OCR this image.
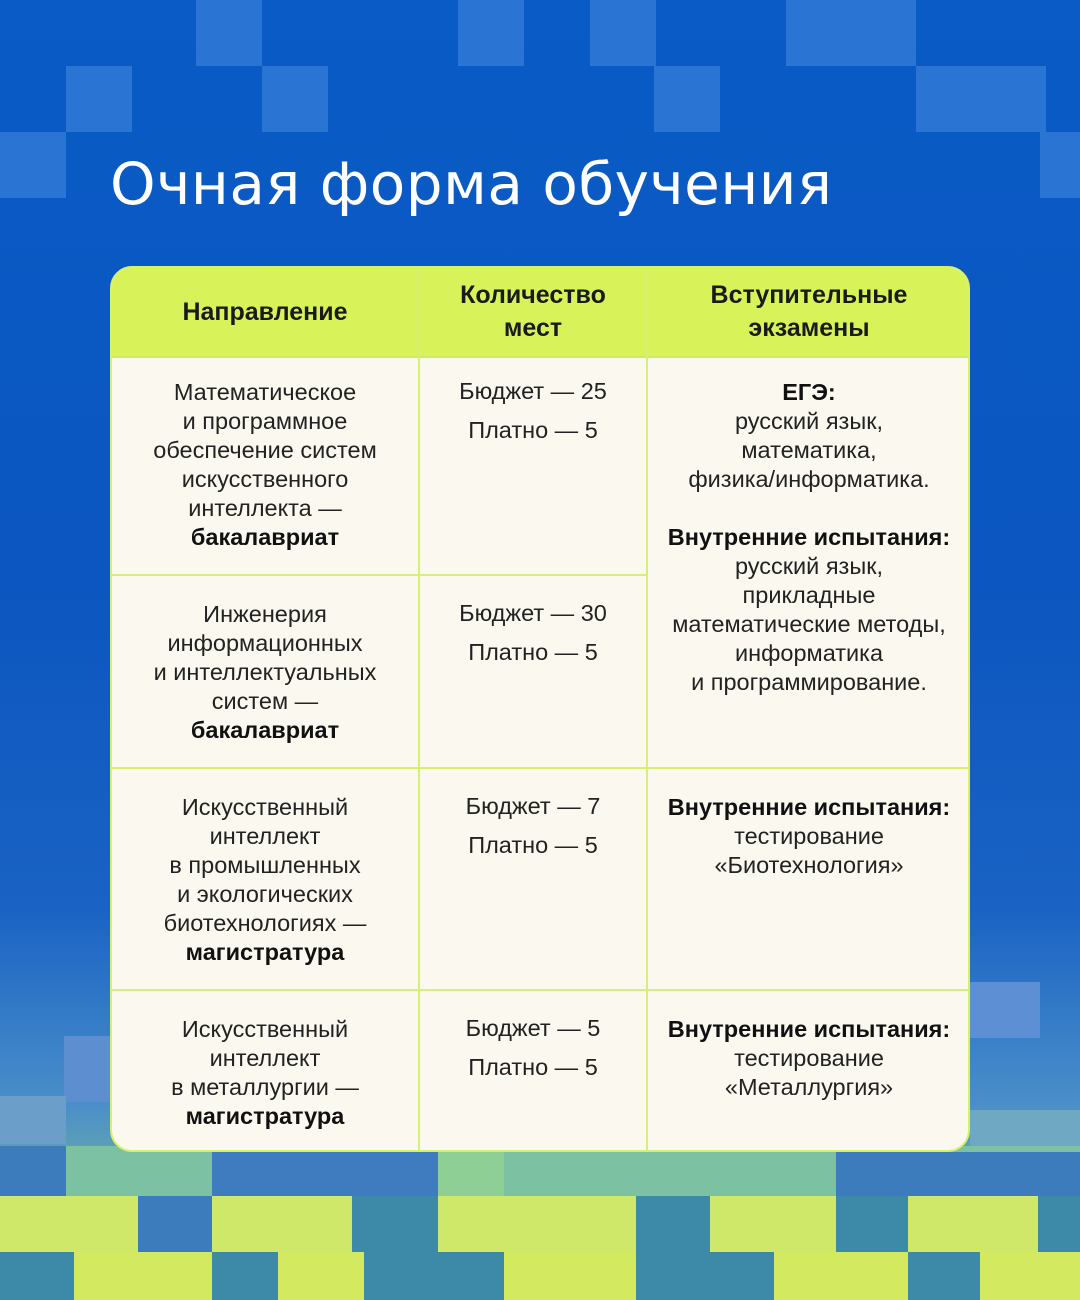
Очная форма обучения
Направление
Количество
мест
Вступительные
экзамены
Математическое
и программное
обеспечение систем
искусственного
интеллекта —
бакалавриат
Бюджет — 25
Платно — 5
ЕГЭ:
русский язык,
математика,
физика/информатика.
Внутренние испытания:
русский язык,
прикладные
математические методы,
информатика
и программирование.
Инженерия
информационных
и интеллектуальных
систем —
бакалавриат
Бюджет — 30
Платно — 5
Искусственный
интеллект
в промышленных
и экологических
биотехнологиях —
магистратура
Бюджет — 7
Платно — 5
Внутренние испытания:
тестирование
«Биотехнология»
Искусственный
интеллект
в металлургии —
магистратура
Бюджет — 5
Платно — 5
Внутренние испытания:
тестирование
«Металлургия»
